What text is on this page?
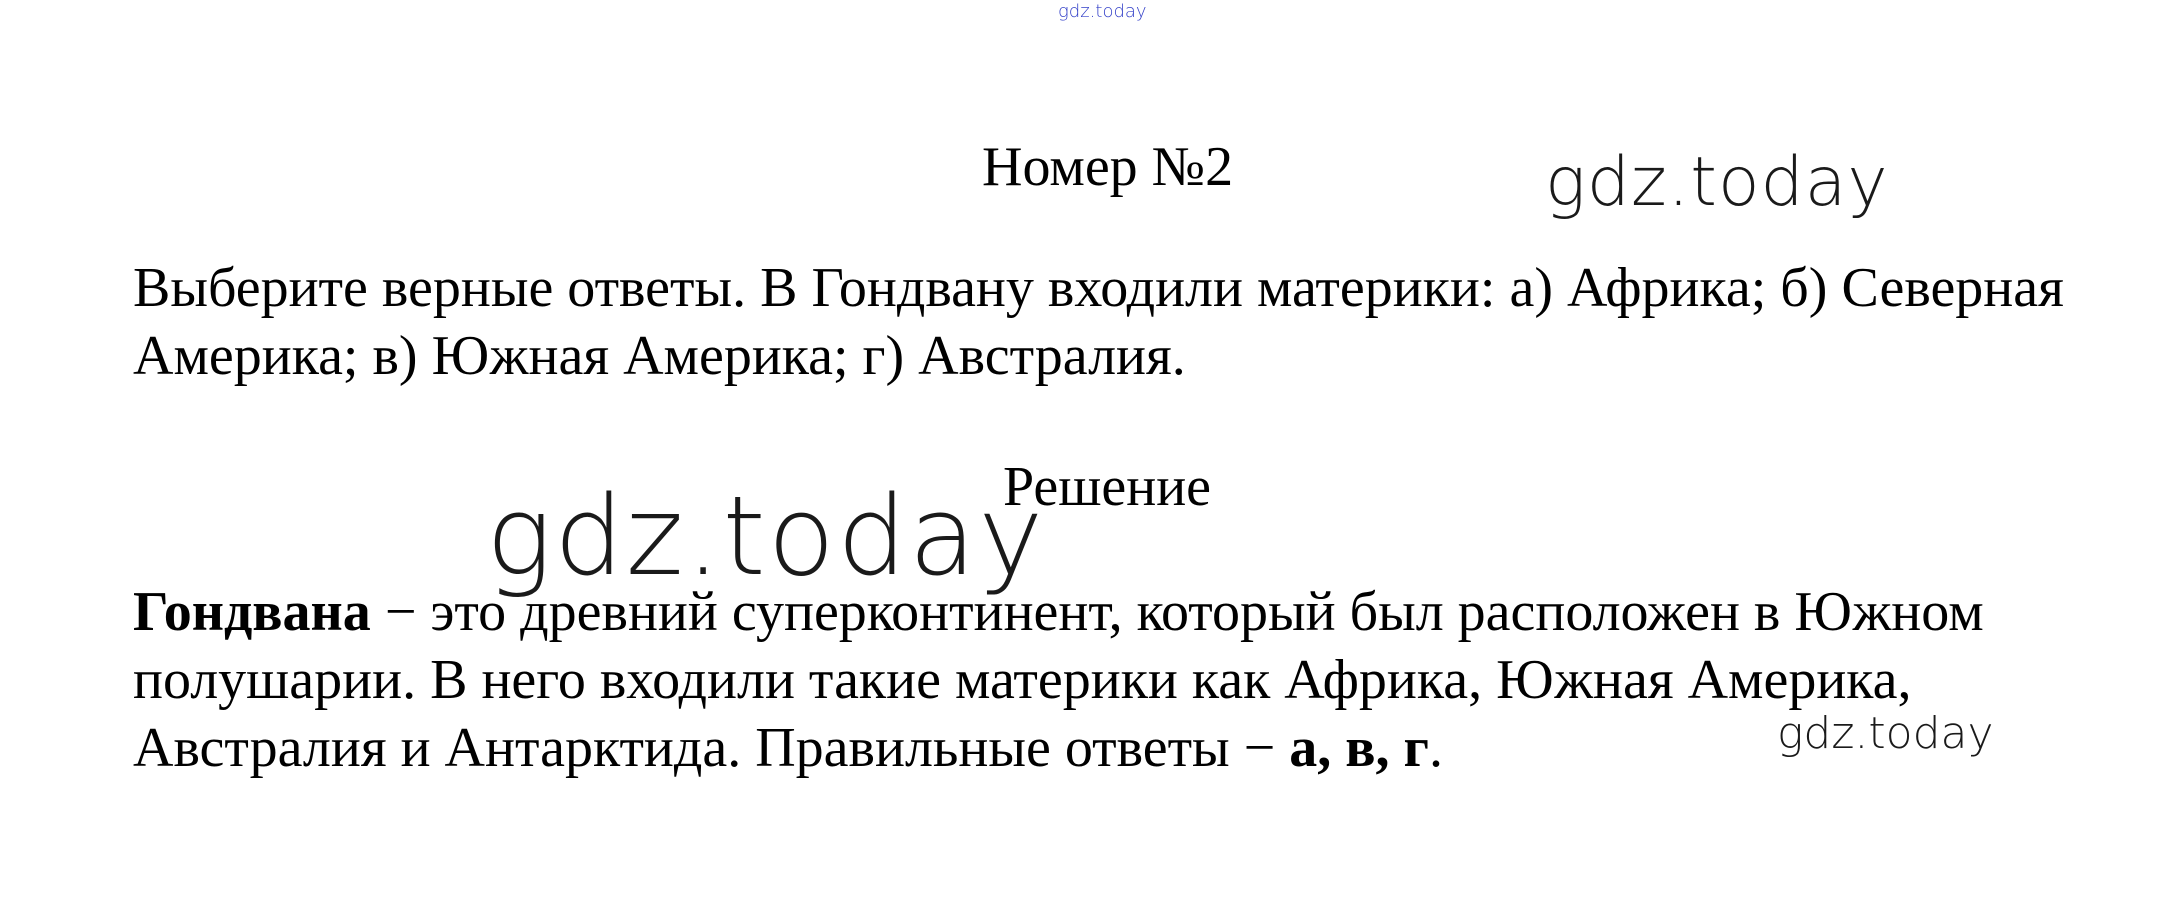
gdz.today
Номер №2	gdz.today
Выберите верные ответы. В Гондвану входили материки: а) Африка; б) Северная Америка; в) Южная Америка; г) Австралия.
Решение
gdz.today
Гондвана − это древний суперконтинент, который был расположен в Южном полушарии. В него входили такие материки как Африка, Южная Америка, Австралия и Антарктида. Правильные ответы − а, в, г.	gdz.today
